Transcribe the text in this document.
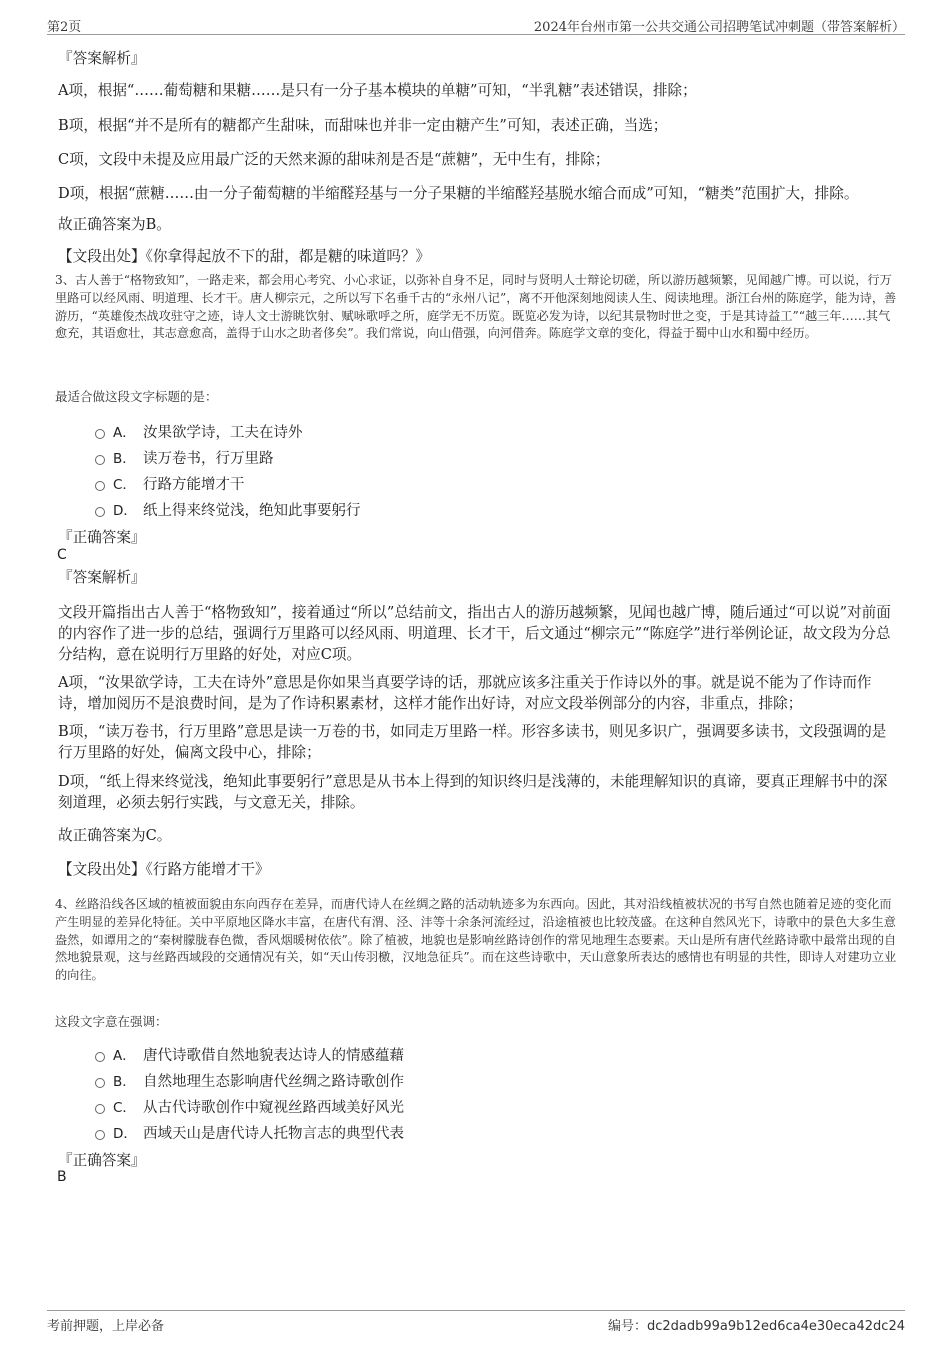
第2页	2024年台州市第一公共交通公司招聘笔试冲刺题（带答案解析）
『答案解析』
A项，根据“……葡萄糖和果糖……是只有一分子基本模块的单糖”可知，“半乳糖”表述错误，排除；
B项，根据“并不是所有的糖都产生甜味，而甜味也并非一定由糖产生”可知，表述正确，当选；
C项，文段中未提及应用最广泛的天然来源的甜味剂是否是“蔗糖”，无中生有，排除；
D项，根据“蔗糖……由一分子葡萄糖的半缩醛羟基与一分子果糖的半缩醛羟基脱水缩合而成”可知，“糖类”范围扩大，排除。
故正确答案为B。
【文段出处】《你拿得起放不下的甜，都是糖的味道吗？》
3、古人善于“格物致知”，一路走来，都会用心考究、小心求证，以弥补自身不足，同时与贤明人士辩论切磋，所以游历越频繁，见闻越广博。可以说，行万里路可以经风雨、明道理、长才干。唐人柳宗元，之所以写下名垂千古的“永州八记”，离不开他深刻地阅读人生、阅读地理。浙江台州的陈庭学，能为诗，善游历，“英雄俊杰战攻驻守之迹，诗人文士游眺饮射、赋咏歌呼之所，庭学无不历览。既览必发为诗，以纪其景物时世之变，于是其诗益工”“越三年……其气愈充，其语愈壮，其志意愈高，盖得于山水之助者侈矣”。我们常说，向山借强，向河借奔。陈庭学文章的变化，得益于蜀中山水和蜀中经历。
最适合做这段文字标题的是：
A． 汝果欲学诗，工夫在诗外
B． 读万卷书，行万里路
C． 行路方能增才干
D． 纸上得来终觉浅，绝知此事要躬行
『正确答案』
C
『答案解析』
文段开篇指出古人善于“格物致知”，接着通过“所以”总结前文，指出古人的游历越频繁，见闻也越广博，随后通过“可以说”对前面的内容作了进一步的总结，强调行万里路可以经风雨、明道理、长才干，后文通过“柳宗元”“陈庭学”进行举例论证，故文段为分总分结构，意在说明行万里路的好处，对应C项。
A项，“汝果欲学诗，工夫在诗外”意思是你如果当真要学诗的话，那就应该多注重关于作诗以外的事。就是说不能为了作诗而作诗，增加阅历不是浪费时间，是为了作诗积累素材，这样才能作出好诗，对应文段举例部分的内容，非重点，排除；
B项，“读万卷书，行万里路”意思是读一万卷的书，如同走万里路一样。形容多读书，则见多识广，强调要多读书，文段强调的是行万里路的好处，偏离文段中心，排除；
D项，“纸上得来终觉浅，绝知此事要躬行”意思是从书本上得到的知识终归是浅薄的，未能理解知识的真谛，要真正理解书中的深刻道理，必须去躬行实践，与文意无关，排除。
故正确答案为C。
【文段出处】《行路方能增才干》
4、丝路沿线各区域的植被面貌由东向西存在差异，而唐代诗人在丝绸之路的活动轨迹多为东西向。因此，其对沿线植被状况的书写自然也随着足迹的变化而产生明显的差异化特征。关中平原地区降水丰富，在唐代有渭、泾、沣等十余条河流经过，沿途植被也比较茂盛。在这种自然风光下，诗歌中的景色大多生意盎然，如谭用之的“秦树朦胧春色微，香风烟暖树依依”。除了植被，地貌也是影响丝路诗创作的常见地理生态要素。天山是所有唐代丝路诗歌中最常出现的自然地貌景观，这与丝路西域段的交通情况有关，如“天山传羽檄，汉地急征兵”。而在这些诗歌中，天山意象所表达的感情也有明显的共性，即诗人对建功立业的向往。
这段文字意在强调：
A． 唐代诗歌借自然地貌表达诗人的情感蕴藉
B． 自然地理生态影响唐代丝绸之路诗歌创作
C． 从古代诗歌创作中窥视丝路西域美好风光
D． 西域天山是唐代诗人托物言志的典型代表
『正确答案』
B
考前押题，上岸必备	编号：dc2dadb99a9b12ed6ca4e30eca42dc24
